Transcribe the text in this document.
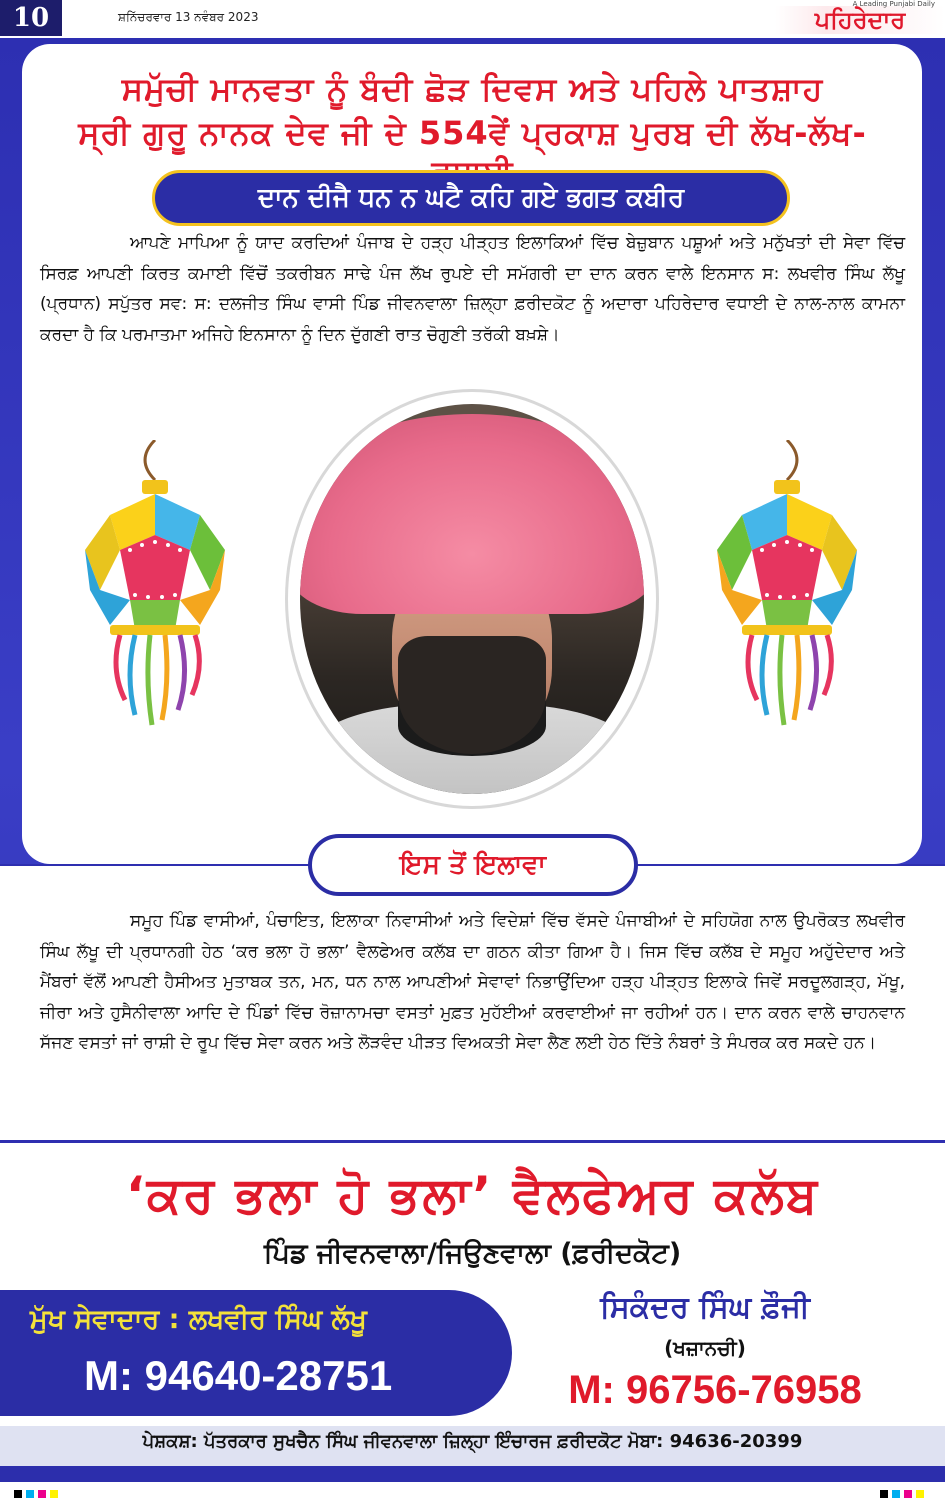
10	ਸ਼ਨਿੱਚਰਵਾਰ 13 ਨਵੰਬਰ 2023	ਪਹਿਰੇਦਾਰ
A Leading Punjabi Daily
ਸਮੁੱਚੀ ਮਾਨਵਤਾ ਨੂੰ ਬੰਦੀ ਛੋੜ ਦਿਵਸ ਅਤੇ ਪਹਿਲੇ ਪਾਤਸ਼ਾਹ
ਸ੍ਰੀ ਗੁਰੂ ਨਾਨਕ ਦੇਵ ਜੀ ਦੇ 554ਵੇਂ ਪ੍ਰਕਾਸ਼ ਪੁਰਬ ਦੀ ਲੱਖ-ਲੱਖ-
ਦਾਨ ਦੀਜੈ ਧਨ ਨ ਘਟੈ ਕਹਿ ਗਏ ਭਗਤ ਕਬੀਰ
ਆਪਣੇ ਮਾਪਿਆ ਨੂੰ ਯਾਦ ਕਰਦਿਆਂ ਪੰਜਾਬ ਦੇ ਹੜ੍ਹ ਪੀੜ੍ਹਤ ਇਲਾਕਿਆਂ ਵਿੱਚ ਬੇਜ਼ੁਬਾਨ ਪਸ਼ੂਆਂ ਅਤੇ ਮਨੁੱਖਤਾਂ ਦੀ ਸੇਵਾ ਵਿੱਚ ਸਿਰਫ਼ ਆਪਣੀ ਕਿਰਤ ਕਮਾਈ ਵਿੱਚੋਂ ਤਕਰੀਬਨ ਸਾਢੇ ਪੰਜ ਲੱਖ ਰੁਪਏ ਦੀ ਸਮੱਗਰੀ ਦਾ ਦਾਨ ਕਰਨ ਵਾਲੇ ਇਨਸਾਨ ਸ: ਲਖਵੀਰ ਸਿੰਘ ਲੱਖੂ (ਪ੍ਰਧਾਨ) ਸਪੁੱਤਰ ਸਵ: ਸ: ਦਲਜੀਤ ਸਿੰਘ ਵਾਸੀ ਪਿੰਡ ਜੀਵਨਵਾਲਾ ਜ਼ਿਲ੍ਹਾ ਫ਼ਰੀਦਕੋਟ ਨੂੰ ਅਦਾਰਾ ਪਹਿਰੇਦਾਰ ਵਧਾਈ ਦੇ ਨਾਲ-ਨਾਲ ਕਾਮਨਾ ਕਰਦਾ ਹੈ ਕਿ ਪਰਮਾਤਮਾ ਅਜਿਹੇ ਇਨਸਾਨਾ ਨੂੰ ਦਿਨ ਦੁੱਗਣੀ ਰਾਤ ਚੋਗੁਣੀ ਤਰੱਕੀ ਬਖ਼ਸ਼ੇ।
ਇਸ ਤੋਂ ਇਲਾਵਾ
ਸਮੂਹ ਪਿੰਡ ਵਾਸੀਆਂ, ਪੰਚਾਇਤ, ਇਲਾਕਾ ਨਿਵਾਸੀਆਂ ਅਤੇ ਵਿਦੇਸ਼ਾਂ ਵਿੱਚ ਵੱਸਦੇ ਪੰਜਾਬੀਆਂ ਦੇ ਸਹਿਯੋਗ ਨਾਲ ਉਪਰੋਕਤ ਲਖਵੀਰ ਸਿੰਘ ਲੱਖੂ ਦੀ ਪ੍ਰਧਾਨਗੀ ਹੇਠ ‘ਕਰ ਭਲਾ ਹੋ ਭਲਾ’ ਵੈਲਫੇਅਰ ਕਲੱਬ ਦਾ ਗਠਨ ਕੀਤਾ ਗਿਆ ਹੈ। ਜਿਸ ਵਿੱਚ ਕਲੱਬ ਦੇ ਸਮੂਹ ਅਹੁੱਦੇਦਾਰ ਅਤੇ ਮੈਂਬਰਾਂ ਵੱਲੋਂ ਆਪਣੀ ਹੈਸੀਅਤ ਮੁਤਾਬਕ ਤਨ, ਮਨ, ਧਨ ਨਾਲ ਆਪਣੀਆਂ ਸੇਵਾਵਾਂ ਨਿਭਾਉਂਦਿਆ ਹੜ੍ਹ ਪੀੜ੍ਹਤ ਇਲਾਕੇ ਜਿਵੇਂ ਸਰਦੂਲਗੜ੍ਹ, ਮੱਖੂ, ਜੀਰਾ ਅਤੇ ਹੁਸੈਨੀਵਾਲਾ ਆਦਿ ਦੇ ਪਿੰਡਾਂ ਵਿੱਚ ਰੋਜ਼ਾਨਾਮਚਾ ਵਸਤਾਂ ਮੁਫ਼ਤ ਮੁਹੱਈਆਂ ਕਰਵਾਈਆਂ ਜਾ ਰਹੀਆਂ ਹਨ। ਦਾਨ ਕਰਨ ਵਾਲੇ ਚਾਹਨਵਾਨ ਸੱਜਣ ਵਸਤਾਂ ਜਾਂ ਰਾਸ਼ੀ ਦੇ ਰੂਪ ਵਿੱਚ ਸੇਵਾ ਕਰਨ ਅਤੇ ਲੋੜਵੰਦ ਪੀੜਤ ਵਿਅਕਤੀ ਸੇਵਾ ਲੈਣ ਲਈ ਹੇਠ ਦਿੱਤੇ ਨੰਬਰਾਂ ਤੇ ਸੰਪਰਕ ਕਰ ਸਕਦੇ ਹਨ।
‘ਕਰ ਭਲਾ ਹੋ ਭਲਾ’ ਵੈਲਫੇਅਰ ਕਲੱਬ
ਪਿੰਡ ਜੀਵਨਵਾਲਾ/ਜਿਉਣਵਾਲਾ (ਫ਼ਰੀਦਕੋਟ)
ਮੁੱਖ ਸੇਵਾਦਾਰ : ਲਖਵੀਰ ਸਿੰਘ ਲੱਖੂ
M: 94640-28751
ਸਿਕੰਦਰ ਸਿੰਘ ਫ਼ੌਜੀ
(ਖਜ਼ਾਨਚੀ)
M: 96756-76958
ਪੇਸ਼ਕਸ਼: ਪੱਤਰਕਾਰ ਸੁਖਚੈਨ ਸਿੰਘ ਜੀਵਨਵਾਲਾ ਜ਼ਿਲ੍ਹਾ ਇੰਚਾਰਜ ਫ਼ਰੀਦਕੋਟ ਮੋਬਾ: 94636-20399
